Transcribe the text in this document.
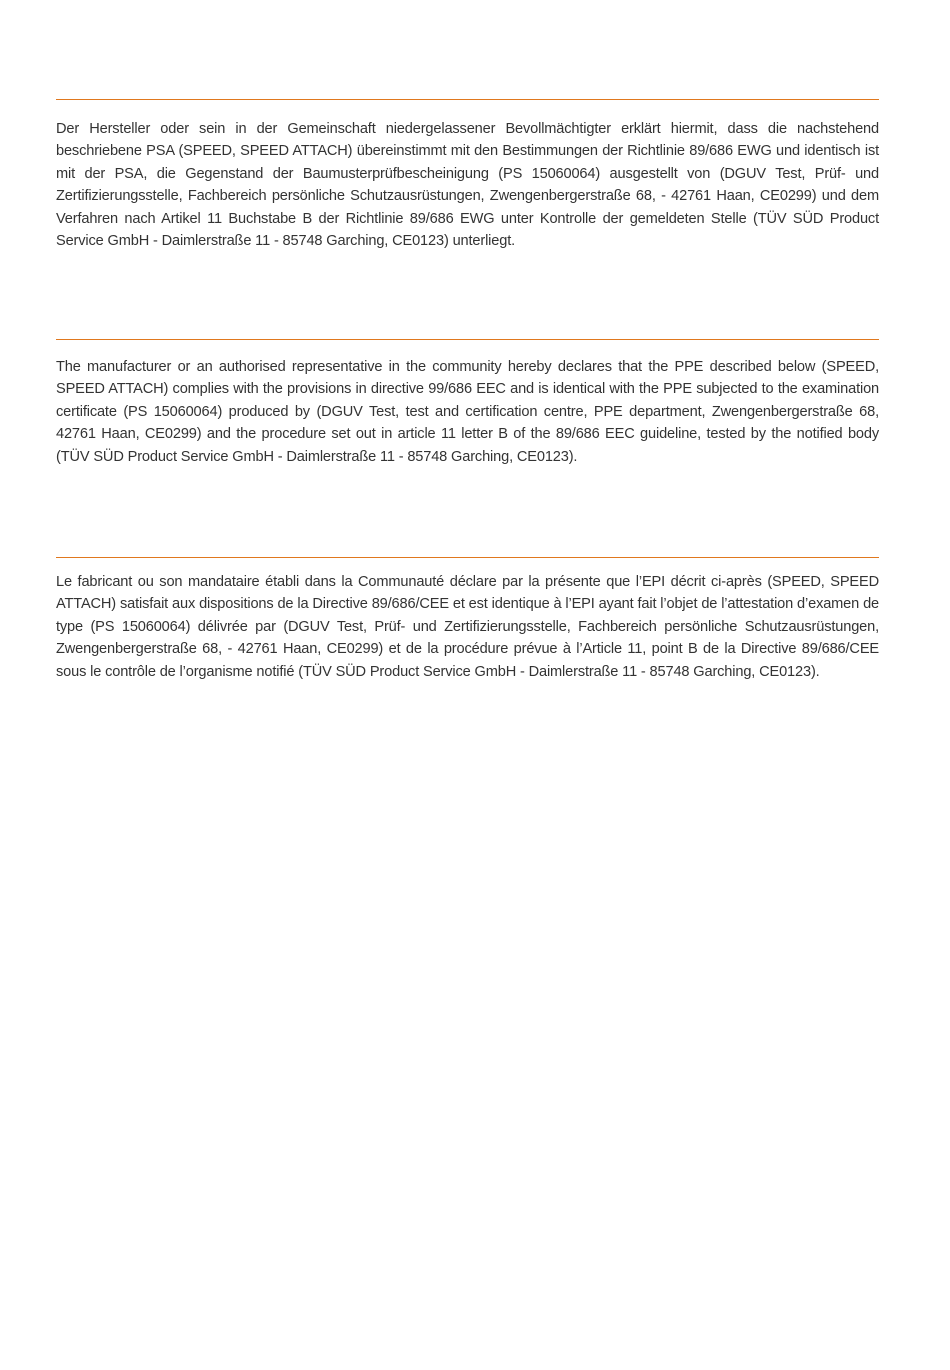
Der Hersteller oder sein in der Gemeinschaft niedergelassener Bevollmächtigter erklärt hiermit, dass die nachstehend beschriebene PSA (SPEED, SPEED ATTACH) übereinstimmt mit den Bestimmungen der Richtlinie 89/686 EWG und identisch ist mit der PSA, die Gegenstand der Baumusterprüfbescheinigung (PS 15060064) ausgestellt von (DGUV Test, Prüf- und Zertifizierungsstelle, Fachbereich persönliche Schutzausrüstungen, Zwengenbergerstraße 68, - 42761 Haan, CE0299) und dem Verfahren nach Artikel 11 Buchstabe B der Richtlinie 89/686 EWG unter Kontrolle der gemeldeten Stelle (TÜV SÜD Product Service GmbH - Daimlerstraße 11 - 85748 Garching, CE0123) unterliegt.

The manufacturer or an authorised representative in the community hereby declares that the PPE described below (SPEED, SPEED ATTACH) complies with the provisions in directive 99/686 EEC and is identical with the PPE subjected to the examination certificate (PS 15060064) produced by (DGUV Test, test and certification centre, PPE department, Zwengenbergerstraße 68, 42761 Haan, CE0299) and the procedure set out in article 11 letter B of the 89/686 EEC guideline, tested by the notified body (TÜV SÜD Product Service GmbH - Daimlerstraße 11 - 85748 Garching, CE0123).

Le fabricant ou son mandataire établi dans la Communauté déclare par la présente que l’EPI décrit ci-après (SPEED, SPEED ATTACH) satisfait aux dispositions de la Directive 89/686/CEE et est identique à l’EPI ayant fait l’objet de l’attestation d’examen de type (PS 15060064) délivrée par (DGUV Test, Prüf- und Zertifizierungsstelle, Fachbereich persönliche Schutzausrüstungen, Zwengenbergerstraße 68, - 42761 Haan, CE0299) et de la procédure prévue à l’Article 11, point B de la Directive 89/686/CEE sous le contrôle de l’organisme notifié (TÜV SÜD Product Service GmbH - Daimlerstraße 11 - 85748 Garching, CE0123).
